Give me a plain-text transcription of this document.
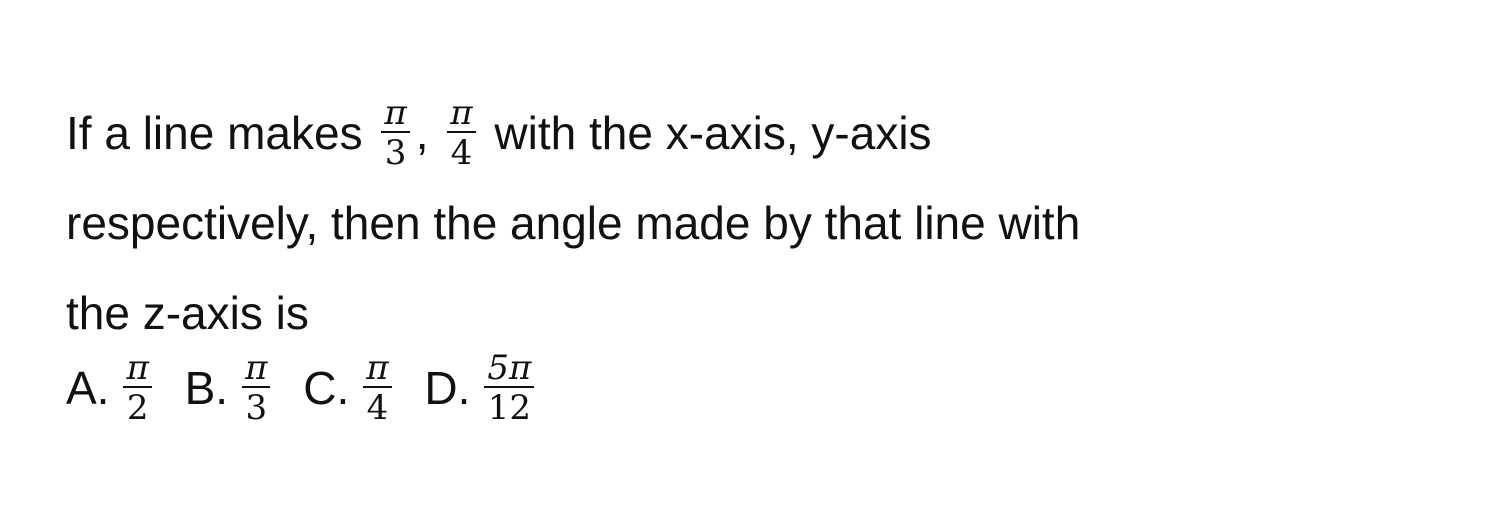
If a line makes $\frac{\pi}{3}$ , $\frac{\pi}{4}$ with the x-axis, y-axis
respectively, then the angle made by that line with
the z-axis is
A. $\frac{\pi}{2} B$. $\frac{\pi}{3} C$. $\frac{\pi}{4} D$. $\frac{5\pi}{12}$
